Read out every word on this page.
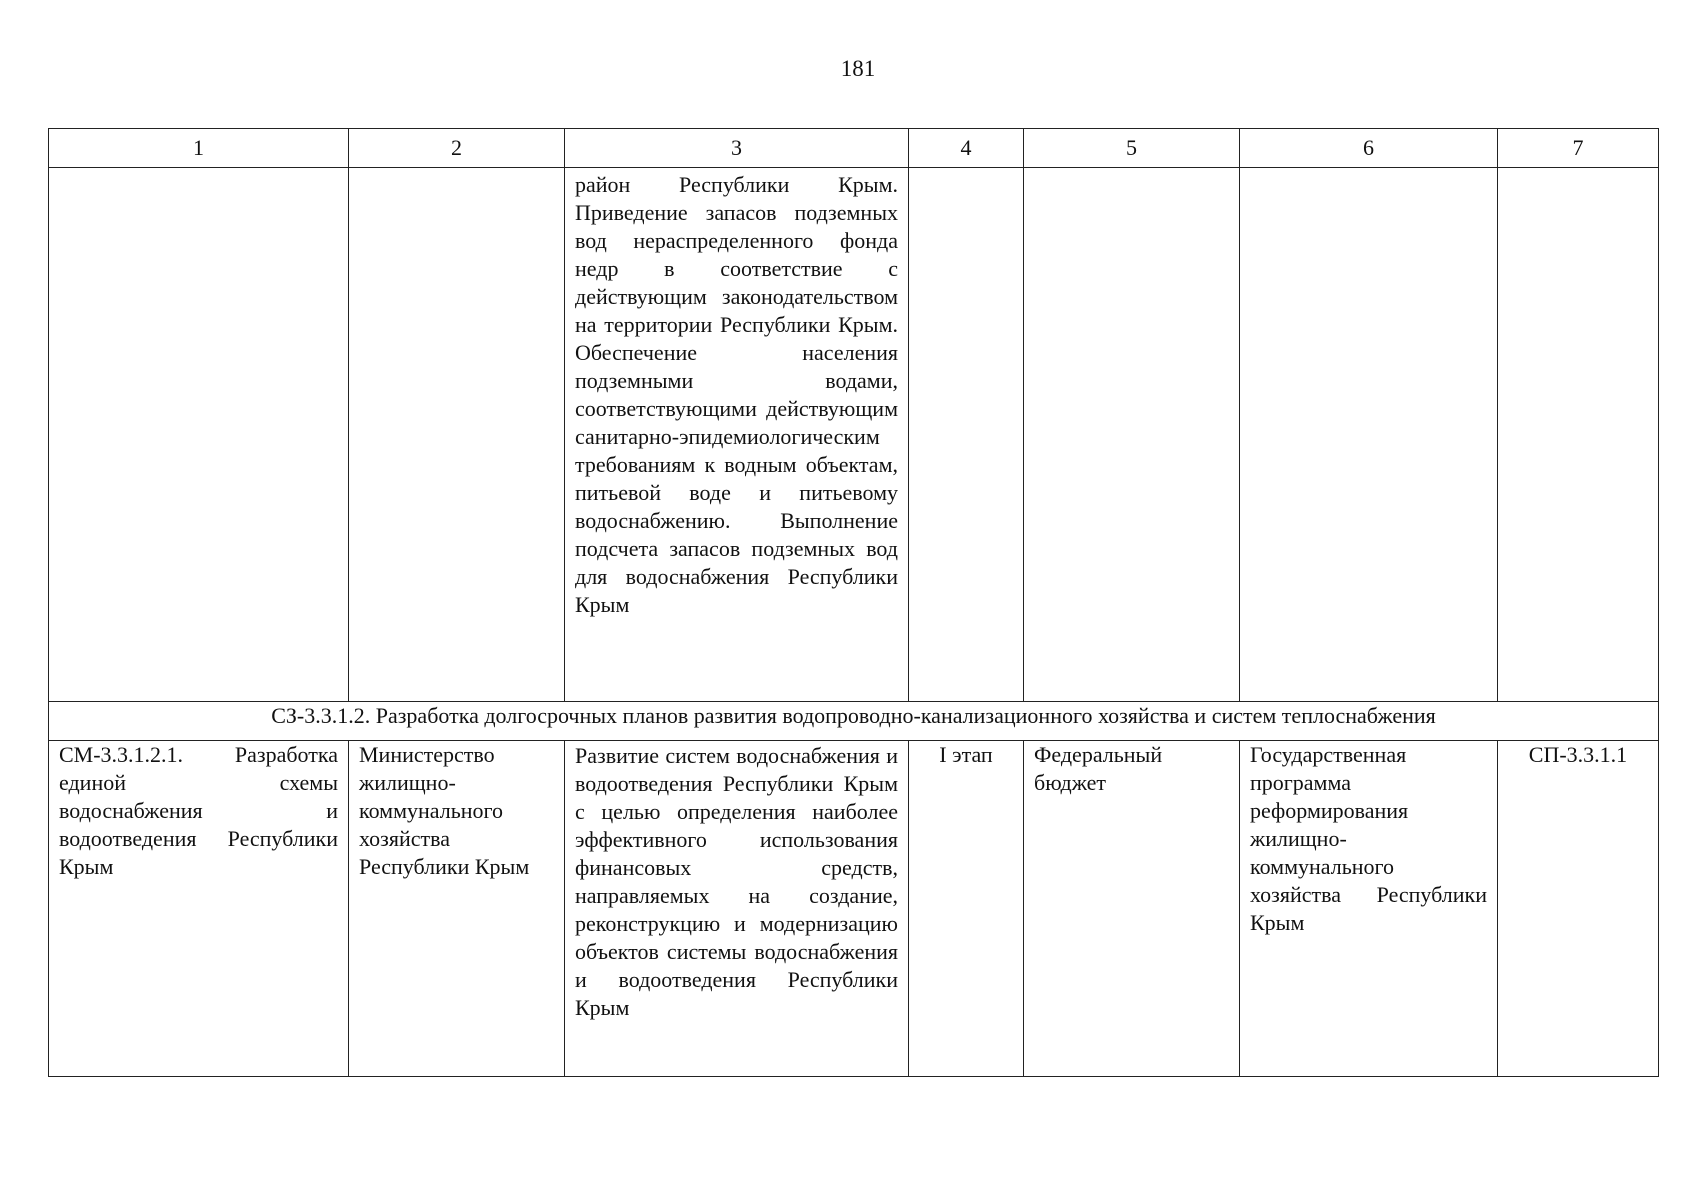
181
1	2	3	4	5	6	7
		район Республики Крым. Приведение запасов подземных вод нераспределенного фонда недр в соответствие с действующим законодательством на территории Республики Крым. Обеспечение населения подземными водами, соответствующими действующим санитарно-эпидемиологическим требованиям к водным объектам, питьевой воде и питьевому водоснабжению. Выполнение подсчета запасов подземных вод для водоснабжения Республики Крым				
СЗ-3.3.1.2. Разработка долгосрочных планов развития водопроводно-канализационного хозяйства и систем теплоснабжения						
СМ-3.3.1.2.1. Разработка единой схемы водоснабжения и водоотведения Республики Крым	Министерство жилищно-коммунального хозяйства Республики Крым	Развитие систем водоснабжения и водоотведения Республики Крым с целью определения наиболее эффективного использования финансовых средств, направляемых на создание, реконструкцию и модернизацию объектов системы водоснабжения и водоотведения Республики Крым	I этап	Федеральный бюджет	Государственная программа реформирования жилищно-коммунального хозяйства Республики Крым	СП-3.3.1.1
